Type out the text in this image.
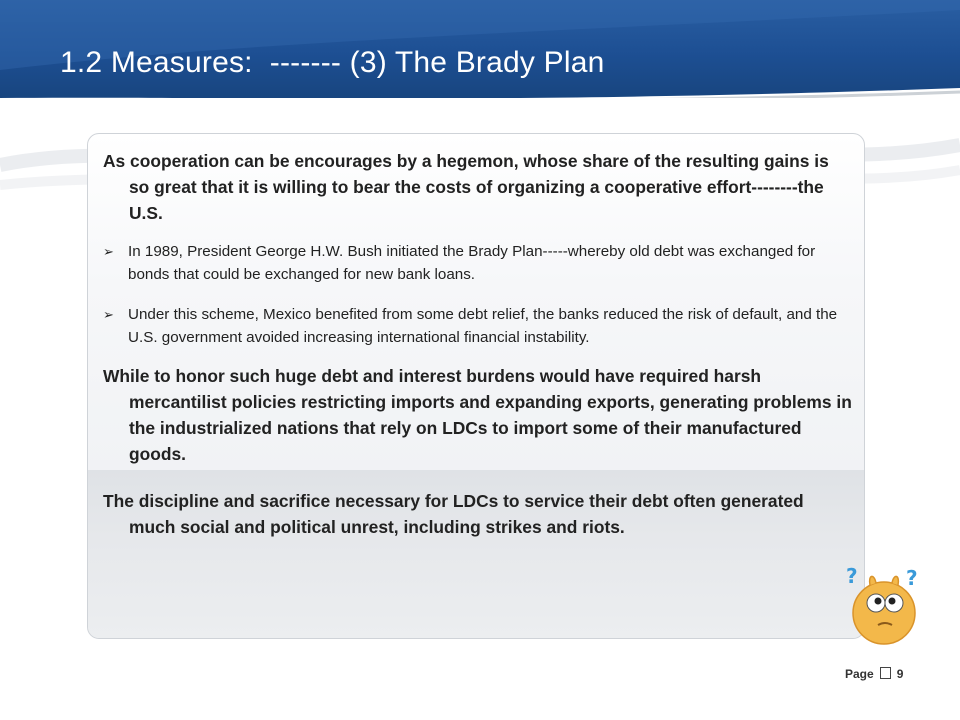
1.2 Measures:  ------- (3) The Brady Plan

As cooperation can be encourages by a hegemon, whose share of the resulting gains is so great that it is willing to bear the costs of organizing a cooperative effort--------the U.S.

➢ In 1989, President George H.W. Bush initiated the Brady Plan-----whereby old debt was exchanged for bonds that could be exchanged for new bank loans.

➢ Under this scheme, Mexico benefited from some debt relief, the banks reduced the risk of default, and the U.S. government avoided increasing international financial instability.

While to honor such huge debt and interest burdens would have required harsh mercantilist policies restricting imports and expanding exports, generating problems in the industrialized nations that rely on LDCs to import some of their manufactured goods.

The discipline and sacrifice necessary for LDCs to service their debt often generated much social and political unrest, including strikes and riots.

? ?
Page 9
